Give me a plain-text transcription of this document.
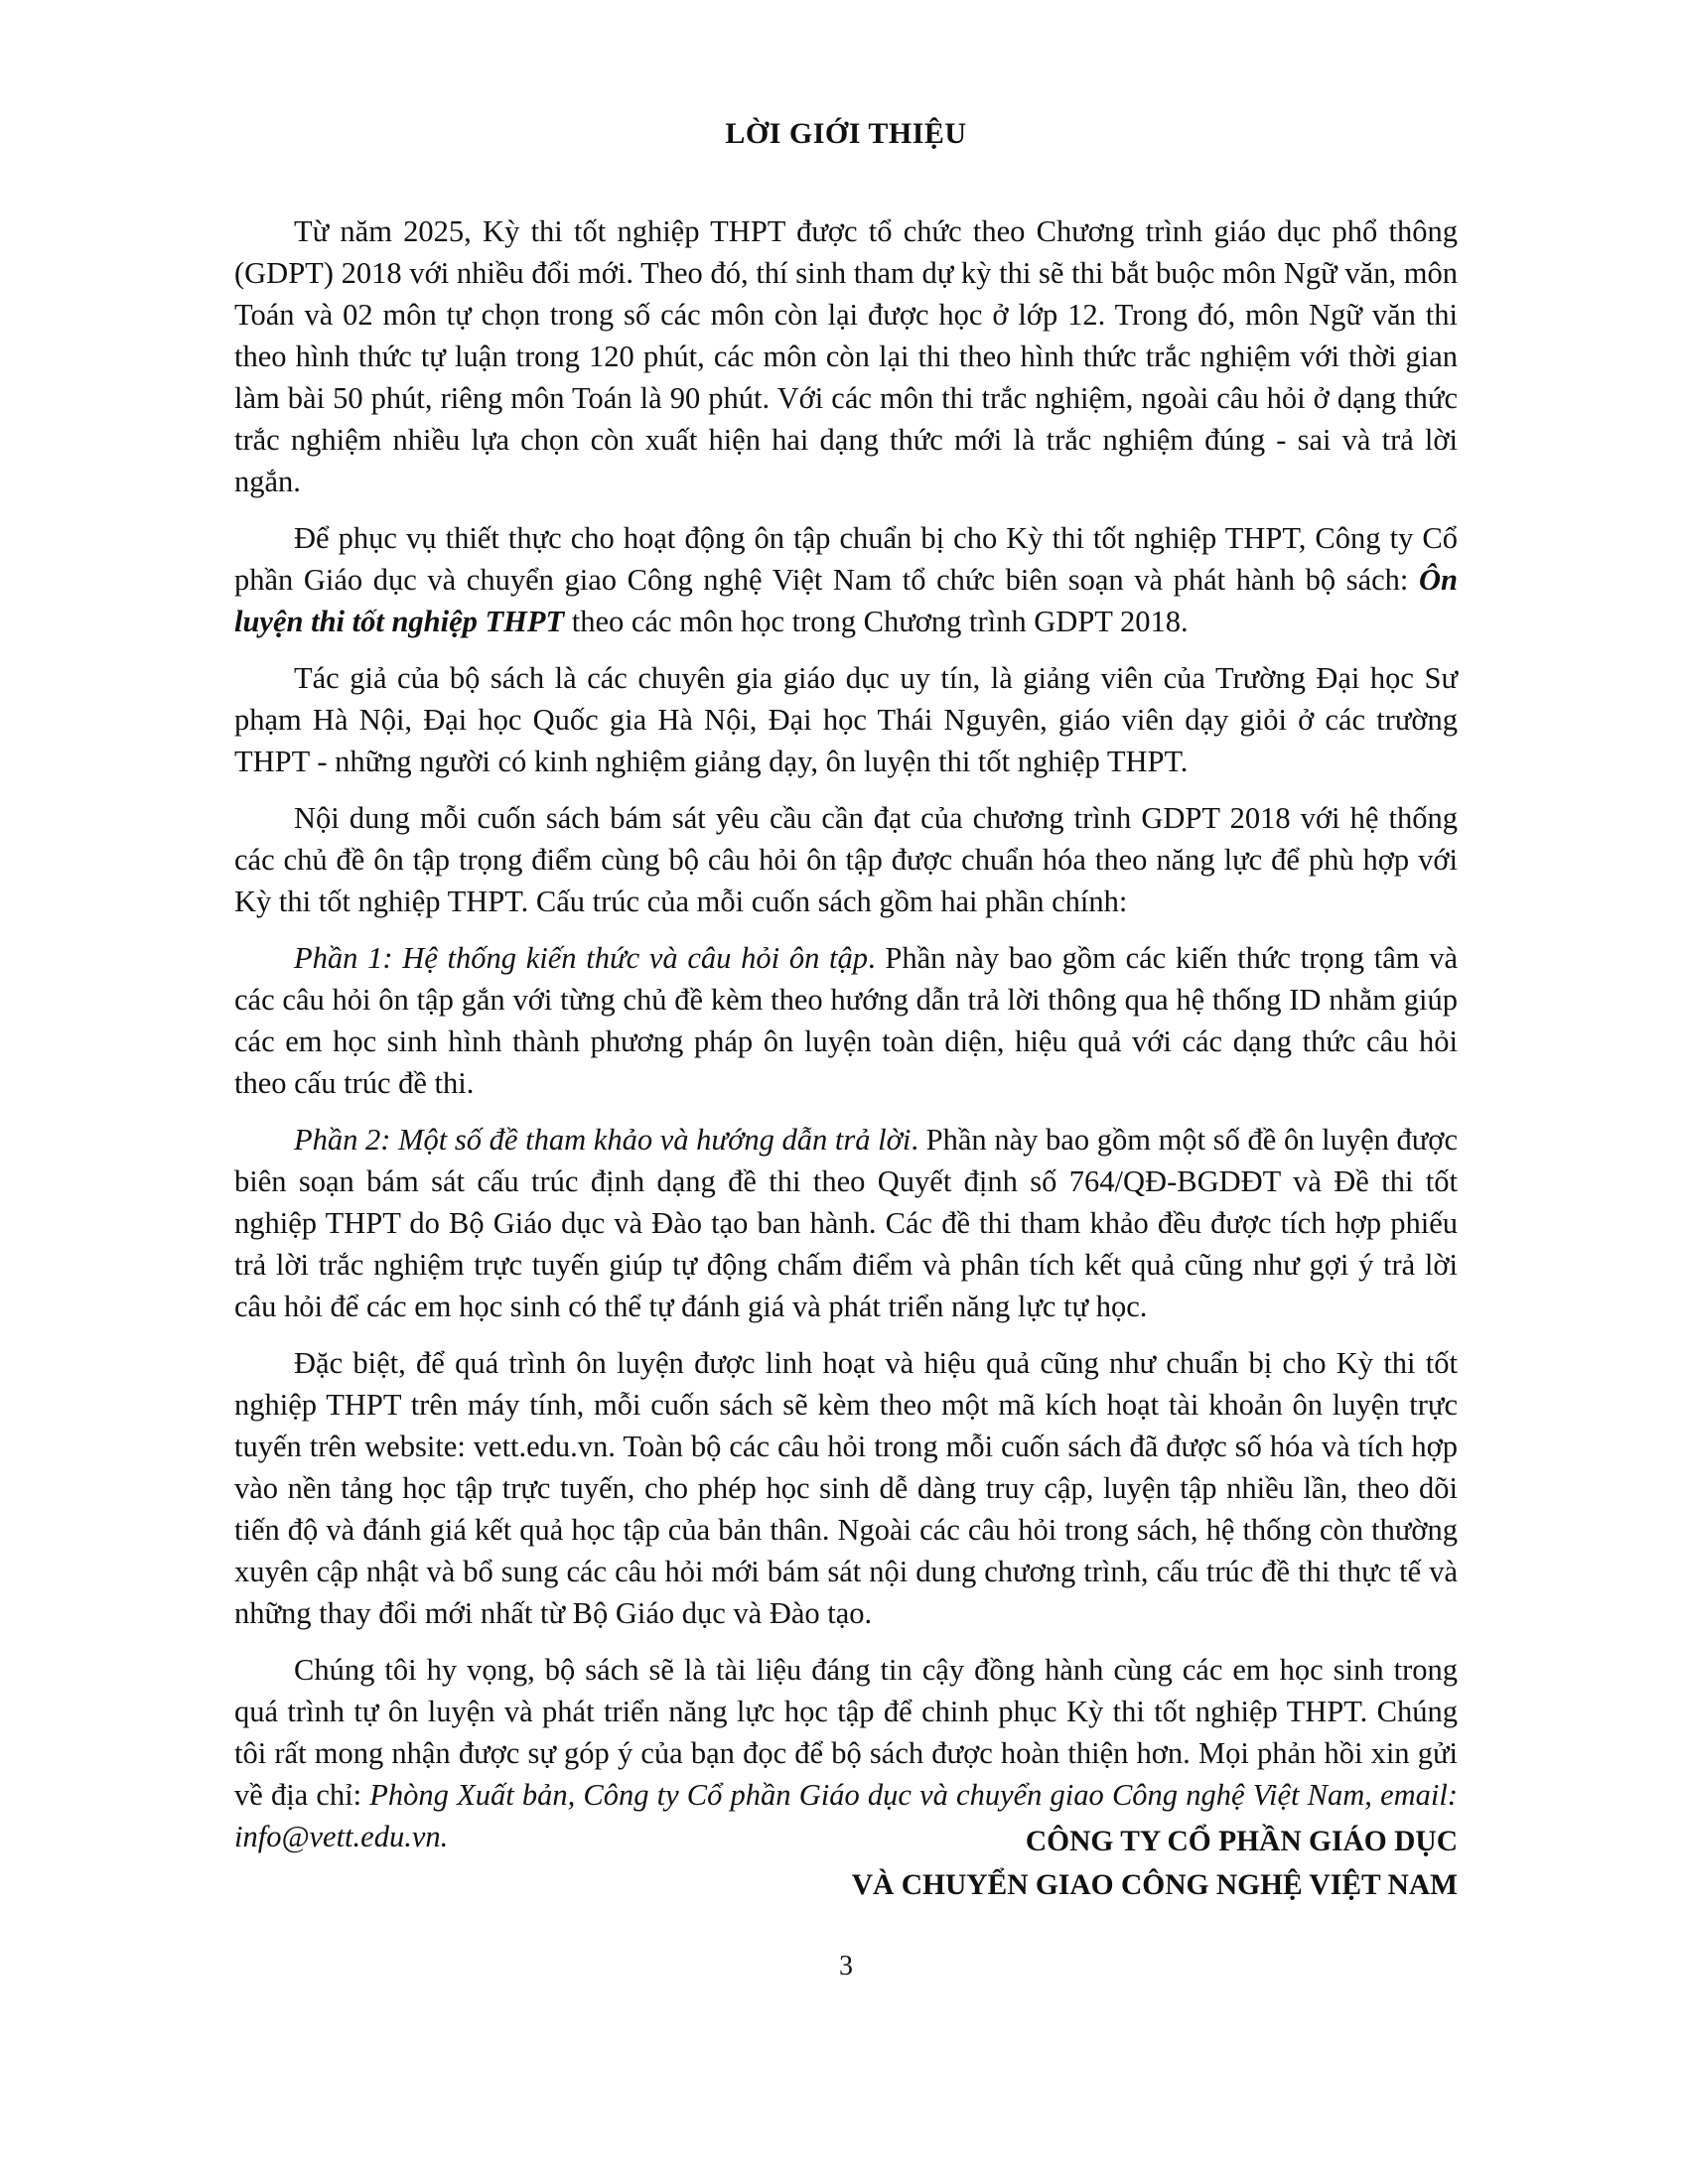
LỜI GIỚI THIỆU

Từ năm 2025, Kỳ thi tốt nghiệp THPT được tổ chức theo Chương trình giáo dục phổ thông (GDPT) 2018 với nhiều đổi mới. Theo đó, thí sinh tham dự kỳ thi sẽ thi bắt buộc môn Ngữ văn, môn Toán và 02 môn tự chọn trong số các môn còn lại được học ở lớp 12. Trong đó, môn Ngữ văn thi theo hình thức tự luận trong 120 phút, các môn còn lại thi theo hình thức trắc nghiệm với thời gian làm bài 50 phút, riêng môn Toán là 90 phút. Với các môn thi trắc nghiệm, ngoài câu hỏi ở dạng thức trắc nghiệm nhiều lựa chọn còn xuất hiện hai dạng thức mới là trắc nghiệm đúng - sai và trả lời ngắn.

Để phục vụ thiết thực cho hoạt động ôn tập chuẩn bị cho Kỳ thi tốt nghiệp THPT, Công ty Cổ phần Giáo dục và chuyển giao Công nghệ Việt Nam tổ chức biên soạn và phát hành bộ sách: Ôn luyện thi tốt nghiệp THPT theo các môn học trong Chương trình GDPT 2018.

Tác giả của bộ sách là các chuyên gia giáo dục uy tín, là giảng viên của Trường Đại học Sư phạm Hà Nội, Đại học Quốc gia Hà Nội, Đại học Thái Nguyên, giáo viên dạy giỏi ở các trường THPT - những người có kinh nghiệm giảng dạy, ôn luyện thi tốt nghiệp THPT.

Nội dung mỗi cuốn sách bám sát yêu cầu cần đạt của chương trình GDPT 2018 với hệ thống các chủ đề ôn tập trọng điểm cùng bộ câu hỏi ôn tập được chuẩn hóa theo năng lực để phù hợp với Kỳ thi tốt nghiệp THPT. Cấu trúc của mỗi cuốn sách gồm hai phần chính:

Phần 1: Hệ thống kiến thức và câu hỏi ôn tập. Phần này bao gồm các kiến thức trọng tâm và các câu hỏi ôn tập gắn với từng chủ đề kèm theo hướng dẫn trả lời thông qua hệ thống ID nhằm giúp các em học sinh hình thành phương pháp ôn luyện toàn diện, hiệu quả với các dạng thức câu hỏi theo cấu trúc đề thi.

Phần 2: Một số đề tham khảo và hướng dẫn trả lời. Phần này bao gồm một số đề ôn luyện được biên soạn bám sát cấu trúc định dạng đề thi theo Quyết định số 764/QĐ-BGDĐT và Đề thi tốt nghiệp THPT do Bộ Giáo dục và Đào tạo ban hành. Các đề thi tham khảo đều được tích hợp phiếu trả lời trắc nghiệm trực tuyến giúp tự động chấm điểm và phân tích kết quả cũng như gợi ý trả lời câu hỏi để các em học sinh có thể tự đánh giá và phát triển năng lực tự học.

Đặc biệt, để quá trình ôn luyện được linh hoạt và hiệu quả cũng như chuẩn bị cho Kỳ thi tốt nghiệp THPT trên máy tính, mỗi cuốn sách sẽ kèm theo một mã kích hoạt tài khoản ôn luyện trực tuyến trên website: vett.edu.vn. Toàn bộ các câu hỏi trong mỗi cuốn sách đã được số hóa và tích hợp vào nền tảng học tập trực tuyến, cho phép học sinh dễ dàng truy cập, luyện tập nhiều lần, theo dõi tiến độ và đánh giá kết quả học tập của bản thân. Ngoài các câu hỏi trong sách, hệ thống còn thường xuyên cập nhật và bổ sung các câu hỏi mới bám sát nội dung chương trình, cấu trúc đề thi thực tế và những thay đổi mới nhất từ Bộ Giáo dục và Đào tạo.

Chúng tôi hy vọng, bộ sách sẽ là tài liệu đáng tin cậy đồng hành cùng các em học sinh trong quá trình tự ôn luyện và phát triển năng lực học tập để chinh phục Kỳ thi tốt nghiệp THPT. Chúng tôi rất mong nhận được sự góp ý của bạn đọc để bộ sách được hoàn thiện hơn. Mọi phản hồi xin gửi về địa chỉ: Phòng Xuất bản, Công ty Cổ phần Giáo dục và chuyển giao Công nghệ Việt Nam, email: info@vett.edu.vn.	CÔNG TY CỔ PHẦN GIÁO DỤC
VÀ CHUYỂN GIAO CÔNG NGHỆ VIỆT NAM
3
